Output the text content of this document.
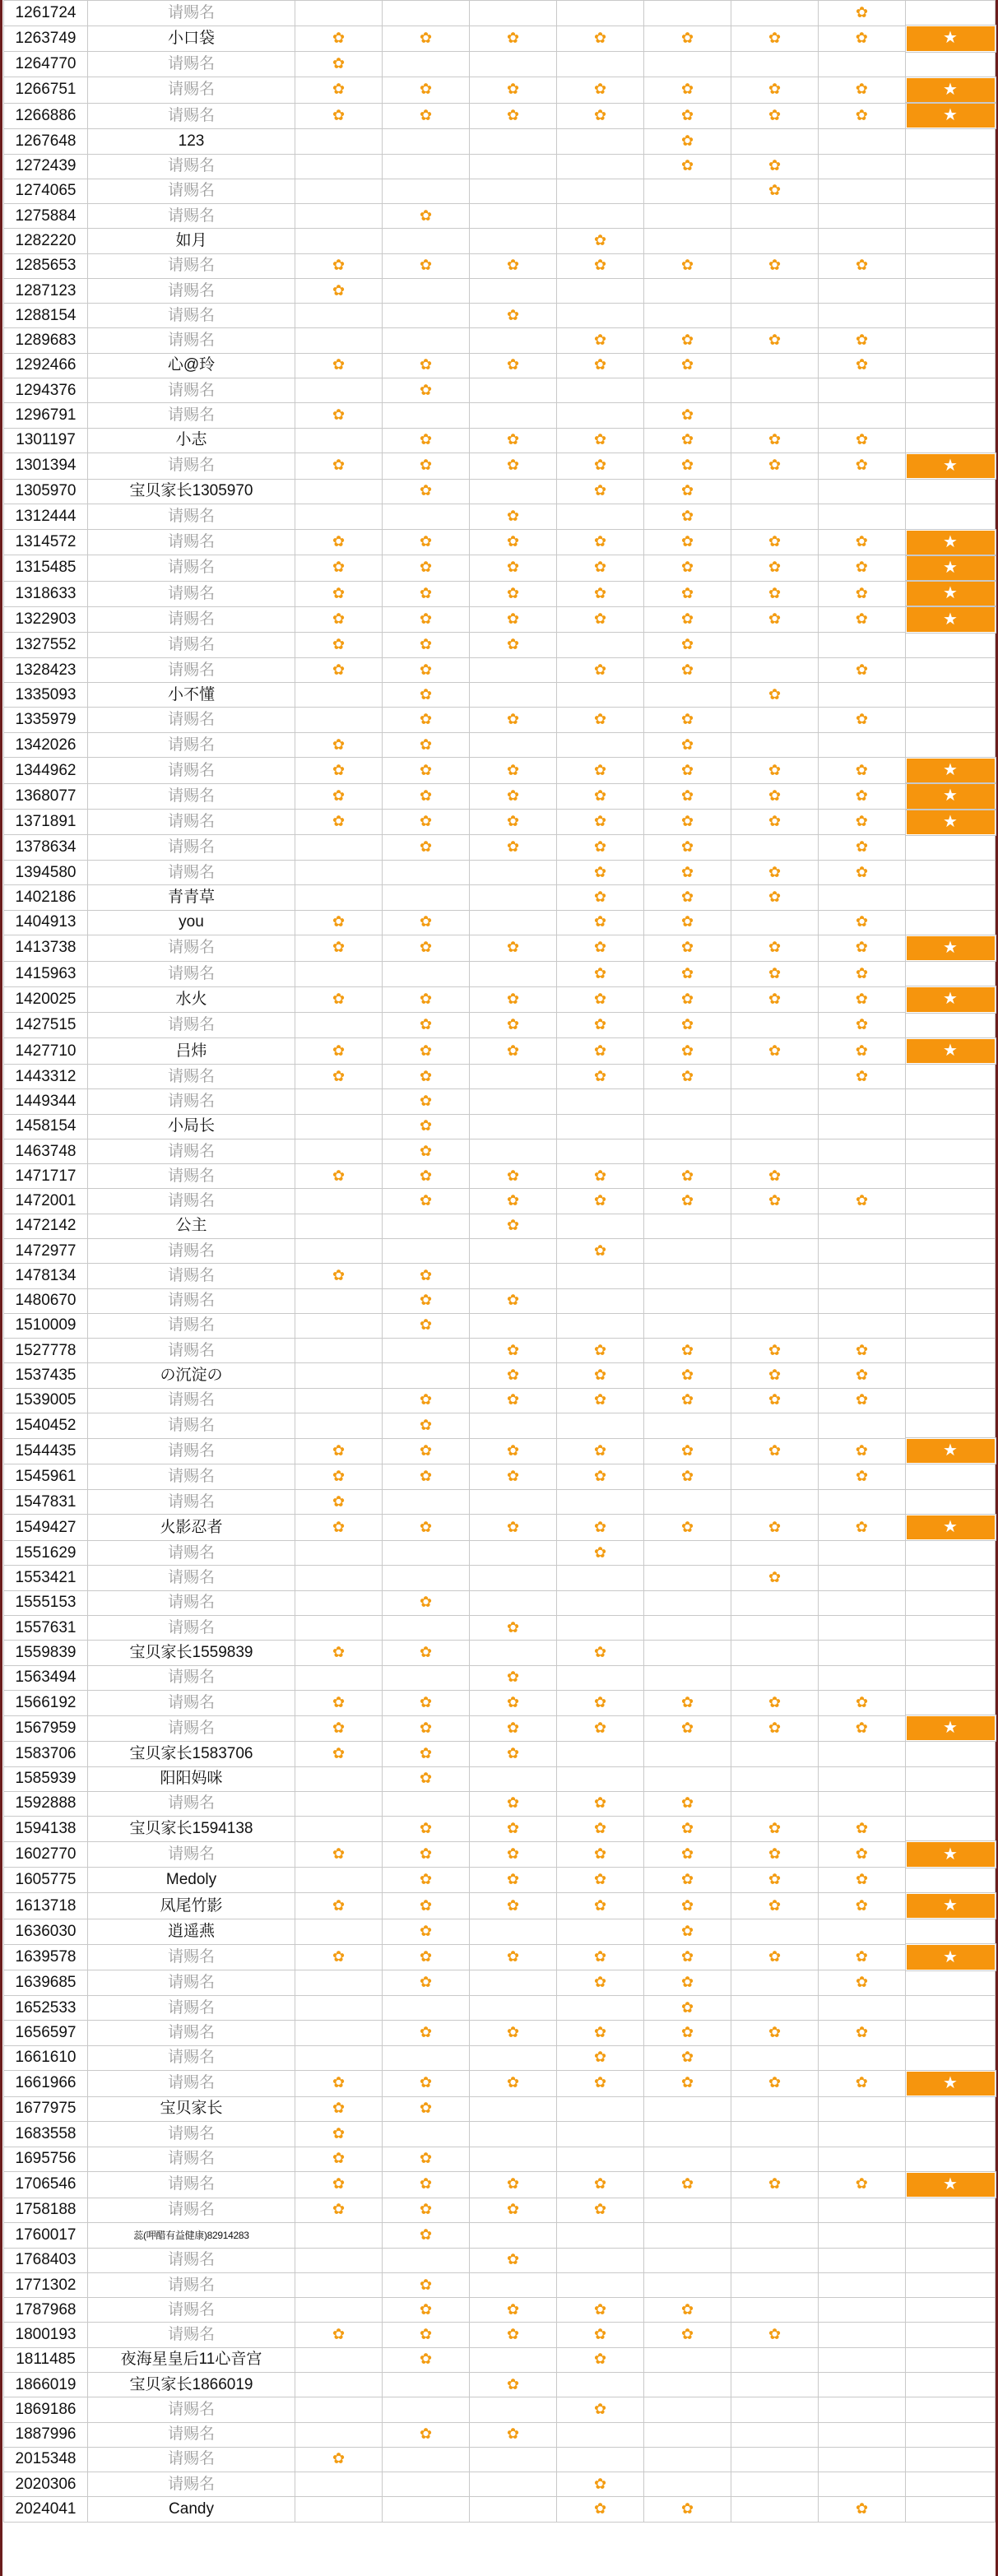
1261724	请赐名							✿	
1263749	小口袋	✿	✿	✿	✿	✿	✿	✿	★
1264770	请赐名	✿							
1266751	请赐名	✿	✿	✿	✿	✿	✿	✿	★
1266886	请赐名	✿	✿	✿	✿	✿	✿	✿	★
1267648	123					✿			
1272439	请赐名					✿	✿		
1274065	请赐名						✿		
1275884	请赐名		✿						
1282220	如月				✿				
1285653	请赐名	✿	✿	✿	✿	✿	✿	✿	
1287123	请赐名	✿							
1288154	请赐名			✿					
1289683	请赐名				✿	✿	✿	✿	
1292466	心@玲	✿	✿	✿	✿	✿		✿	
1294376	请赐名		✿						
1296791	请赐名	✿				✿			
1301197	小志		✿	✿	✿	✿	✿	✿	
1301394	请赐名	✿	✿	✿	✿	✿	✿	✿	★
1305970	宝贝家长1305970		✿		✿	✿			
1312444	请赐名			✿		✿			
1314572	请赐名	✿	✿	✿	✿	✿	✿	✿	★
1315485	请赐名	✿	✿	✿	✿	✿	✿	✿	★
1318633	请赐名	✿	✿	✿	✿	✿	✿	✿	★
1322903	请赐名	✿	✿	✿	✿	✿	✿	✿	★
1327552	请赐名	✿	✿	✿		✿			
1328423	请赐名	✿	✿		✿	✿		✿	
1335093	小不懂		✿				✿		
1335979	请赐名		✿	✿	✿	✿		✿	
1342026	请赐名	✿	✿			✿			
1344962	请赐名	✿	✿	✿	✿	✿	✿	✿	★
1368077	请赐名	✿	✿	✿	✿	✿	✿	✿	★
1371891	请赐名	✿	✿	✿	✿	✿	✿	✿	★
1378634	请赐名		✿	✿	✿	✿		✿	
1394580	请赐名				✿	✿	✿	✿	
1402186	青青草				✿	✿	✿		
1404913	you	✿	✿		✿	✿		✿	
1413738	请赐名	✿	✿	✿	✿	✿	✿	✿	★
1415963	请赐名				✿	✿	✿	✿	
1420025	水火	✿	✿	✿	✿	✿	✿	✿	★
1427515	请赐名		✿	✿	✿	✿		✿	
1427710	吕炜	✿	✿	✿	✿	✿	✿	✿	★
1443312	请赐名	✿	✿		✿	✿		✿	
1449344	请赐名		✿						
1458154	小局长		✿						
1463748	请赐名		✿						
1471717	请赐名	✿	✿	✿	✿	✿	✿		
1472001	请赐名		✿	✿	✿	✿	✿	✿	
1472142	公主			✿					
1472977	请赐名				✿				
1478134	请赐名	✿	✿						
1480670	请赐名		✿	✿					
1510009	请赐名		✿						
1527778	请赐名			✿	✿	✿	✿	✿	
1537435	の沉淀の			✿	✿	✿	✿	✿	
1539005	请赐名		✿	✿	✿	✿	✿	✿	
1540452	请赐名		✿						
1544435	请赐名	✿	✿	✿	✿	✿	✿	✿	★
1545961	请赐名	✿	✿	✿	✿	✿		✿	
1547831	请赐名	✿							
1549427	火影忍者	✿	✿	✿	✿	✿	✿	✿	★
1551629	请赐名				✿				
1553421	请赐名						✿		
1555153	请赐名		✿						
1557631	请赐名			✿					
1559839	宝贝家长1559839	✿	✿		✿				
1563494	请赐名			✿					
1566192	请赐名	✿	✿	✿	✿	✿	✿	✿	
1567959	请赐名	✿	✿	✿	✿	✿	✿	✿	★
1583706	宝贝家长1583706	✿	✿	✿					
1585939	阳阳妈咪		✿						
1592888	请赐名			✿	✿	✿			
1594138	宝贝家长1594138		✿	✿	✿	✿	✿	✿	
1602770	请赐名	✿	✿	✿	✿	✿	✿	✿	★
1605775	Medoly		✿	✿	✿	✿	✿	✿	
1613718	凤尾竹影	✿	✿	✿	✿	✿	✿	✿	★
1636030	逍遥燕		✿			✿			
1639578	请赐名	✿	✿	✿	✿	✿	✿	✿	★
1639685	请赐名		✿		✿	✿		✿	
1652533	请赐名					✿			
1656597	请赐名		✿	✿	✿	✿	✿	✿	
1661610	请赐名				✿	✿			
1661966	请赐名	✿	✿	✿	✿	✿	✿	✿	★
1677975	宝贝家长	✿	✿						
1683558	请赐名	✿							
1695756	请赐名	✿	✿						
1706546	请赐名	✿	✿	✿	✿	✿	✿	✿	★
1758188	请赐名	✿	✿	✿	✿				
1760017	蕊(呷醋有益健康)82914283		✿						
1768403	请赐名			✿					
1771302	请赐名		✿						
1787968	请赐名		✿	✿	✿	✿			
1800193	请赐名	✿	✿	✿	✿	✿	✿		
1811485	夜海星皇后11心音宫		✿		✿				
1866019	宝贝家长1866019			✿					
1869186	请赐名				✿				
1887996	请赐名		✿	✿					
2015348	请赐名	✿							
2020306	请赐名				✿				
2024041	Candy				✿	✿		✿	
